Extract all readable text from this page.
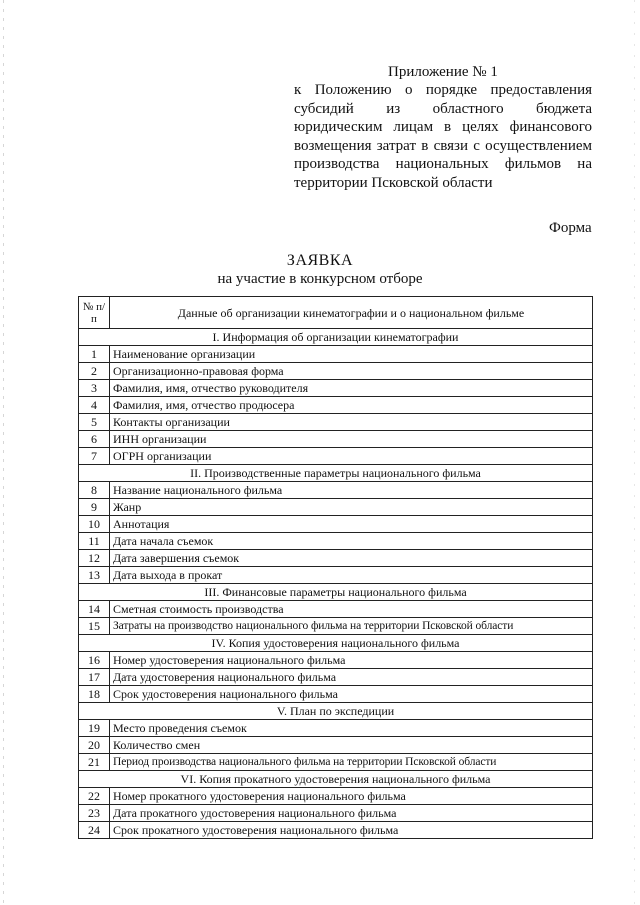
Приложение № 1
к Положению о порядке предоставления
субсидий из областного бюджета
юридическим лицам в целях финансового
возмещения затрат в связи с осуществлением
производства национальных фильмов на
территории Псковской области
Форма
ЗАЯВКА
на участие в конкурсном отборе
№ п/п	Данные об организации кинематографии и о национальном фильме
I. Информация об организации кинематографии	
1	Наименование организации
2	Организационно-правовая форма
3	Фамилия, имя, отчество руководителя
4	Фамилия, имя, отчество продюсера
5	Контакты организации
6	ИНН организации
7	ОГРН организации
II. Производственные параметры национального фильма	
8	Название национального фильма
9	Жанр
10	Аннотация
11	Дата начала съемок
12	Дата завершения съемок
13	Дата выхода в прокат
III. Финансовые параметры национального фильма	
14	Сметная стоимость производства
15	Затраты на производство национального фильма на территории Псковской области
IV. Копия удостоверения национального фильма	
16	Номер удостоверения национального фильма
17	Дата удостоверения национального фильма
18	Срок удостоверения национального фильма
V. План по экспедиции	
19	Место проведения съемок
20	Количество смен
21	Период производства национального фильма на территории Псковской области
VI. Копия прокатного удостоверения национального фильма	
22	Номер прокатного удостоверения национального фильма
23	Дата прокатного удостоверения национального фильма
24	Срок прокатного удостоверения национального фильма
